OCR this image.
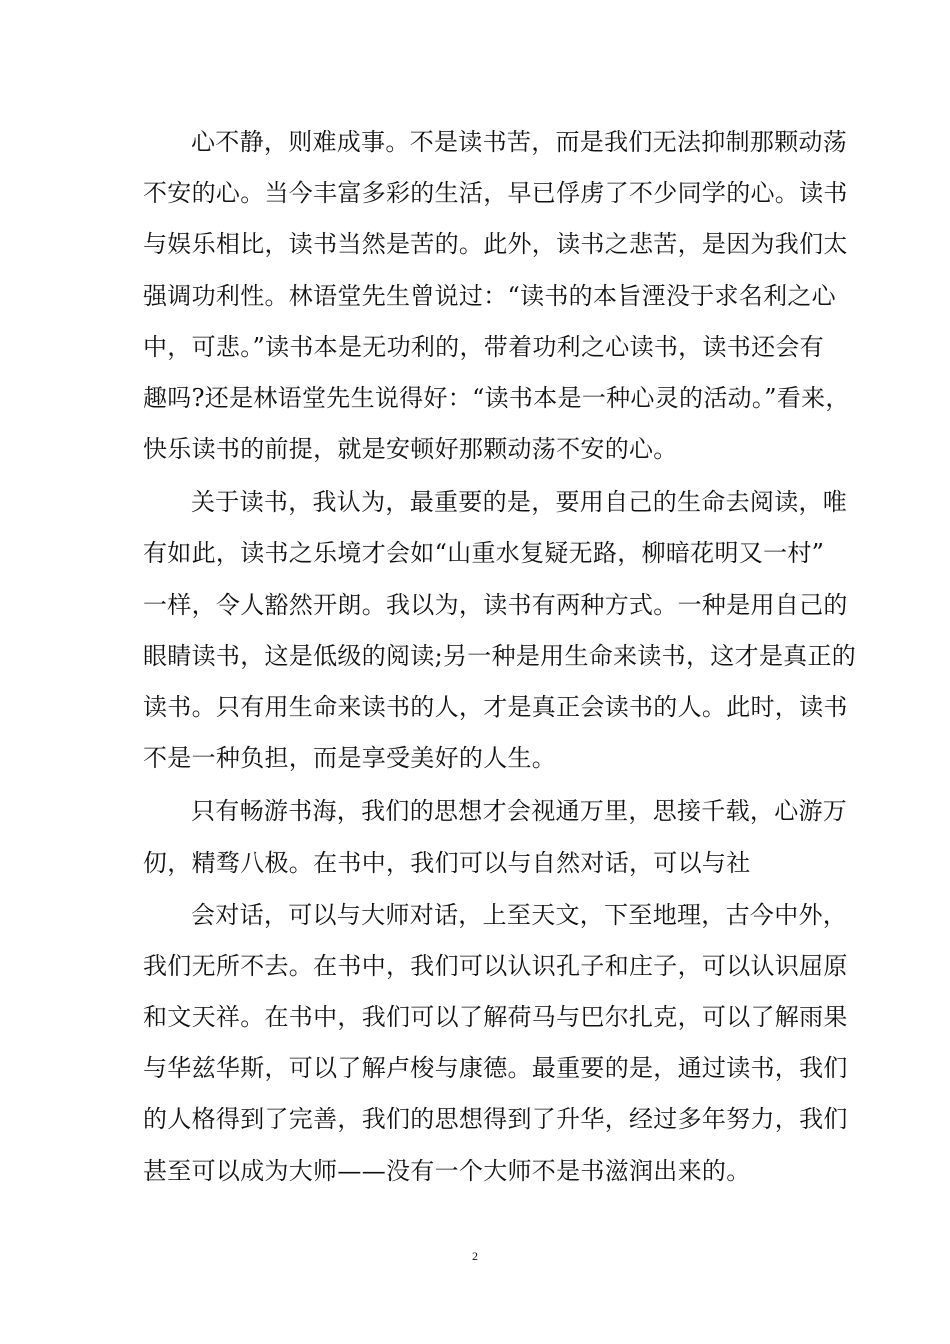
心不静，则难成事。不是读书苦，而是我们无法抑制那颗动荡
不安的心。当今丰富多彩的生活，早已俘虏了不少同学的心。读书
与娱乐相比，读书当然是苦的。此外，读书之悲苦，是因为我们太
强调功利性。林语堂先生曾说过：“读书的本旨湮没于求名利之心
中，可悲。”读书本是无功利的，带着功利之心读书，读书还会有
趣吗?还是林语堂先生说得好：“读书本是一种心灵的活动。”看来，
快乐读书的前提，就是安顿好那颗动荡不安的心。
关于读书，我认为，最重要的是，要用自己的生命去阅读，唯
有如此，读书之乐境才会如“山重水复疑无路，柳暗花明又一村”
一样，令人豁然开朗。我以为，读书有两种方式。一种是用自己的
眼睛读书，这是低级的阅读;另一种是用生命来读书，这才是真正的
读书。只有用生命来读书的人，才是真正会读书的人。此时，读书
不是一种负担，而是享受美好的人生。
只有畅游书海，我们的思想才会视通万里，思接千载，心游万
仞，精骛八极。在书中，我们可以与自然对话，可以与社
会对话，可以与大师对话，上至天文，下至地理，古今中外，
我们无所不去。在书中，我们可以认识孔子和庄子，可以认识屈原
和文天祥。在书中，我们可以了解荷马与巴尔扎克，可以了解雨果
与华兹华斯，可以了解卢梭与康德。最重要的是，通过读书，我们
的人格得到了完善，我们的思想得到了升华，经过多年努力，我们
甚至可以成为大师——没有一个大师不是书滋润出来的。
2
